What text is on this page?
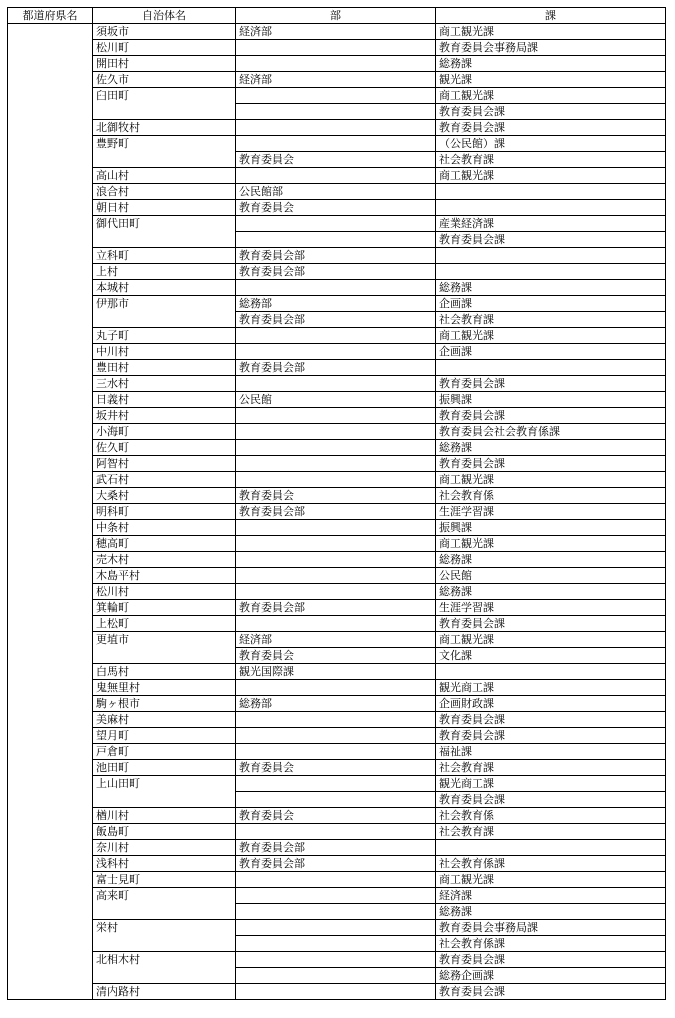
都道府県名	自治体名	部	課
	須坂市	経済部	商工観光課
	松川町		教育委員会事務局課
	開田村		総務課
	佐久市	経済部	観光課
	臼田町		商工観光課
			教育委員会課
	北御牧村		教育委員会課
	豊野町		（公民館）課
		教育委員会	社会教育課
	高山村		商工観光課
	浪合村	公民館部	
	朝日村	教育委員会	
	御代田町		産業経済課
			教育委員会課
	立科町	教育委員会部	
	上村	教育委員会部	
	本城村		総務課
	伊那市	総務部	企画課
		教育委員会部	社会教育課
	丸子町		商工観光課
	中川村		企画課
	豊田村	教育委員会部	
	三水村		教育委員会課
	日義村	公民館	振興課
	坂井村		教育委員会課
	小海町		教育委員会社会教育係課
	佐久町		総務課
	阿智村		教育委員会課
	武石村		商工観光課
	大桑村	教育委員会	社会教育係
	明科町	教育委員会部	生涯学習課
	中条村		振興課
	穂高町		商工観光課
	売木村		総務課
	木島平村		公民館
	松川村		総務課
	箕輪町	教育委員会部	生涯学習課
	上松町		教育委員会課
	更埴市	経済部	商工観光課
		教育委員会	文化課
	白馬村	観光国際課	
	鬼無里村		観光商工課
	駒ヶ根市	総務部	企画財政課
	美麻村		教育委員会課
	望月町		教育委員会課
	戸倉町		福祉課
	池田町	教育委員会	社会教育課
	上山田町		観光商工課
			教育委員会課
	楢川村	教育委員会	社会教育係
	飯島町		社会教育課
	奈川村	教育委員会部	
	浅科村	教育委員会部	社会教育係課
	富士見町		商工観光課
	高来町		経済課
			総務課
	栄村		教育委員会事務局課
			社会教育係課
	北相木村		教育委員会課
			総務企画課
	清内路村		教育委員会課
